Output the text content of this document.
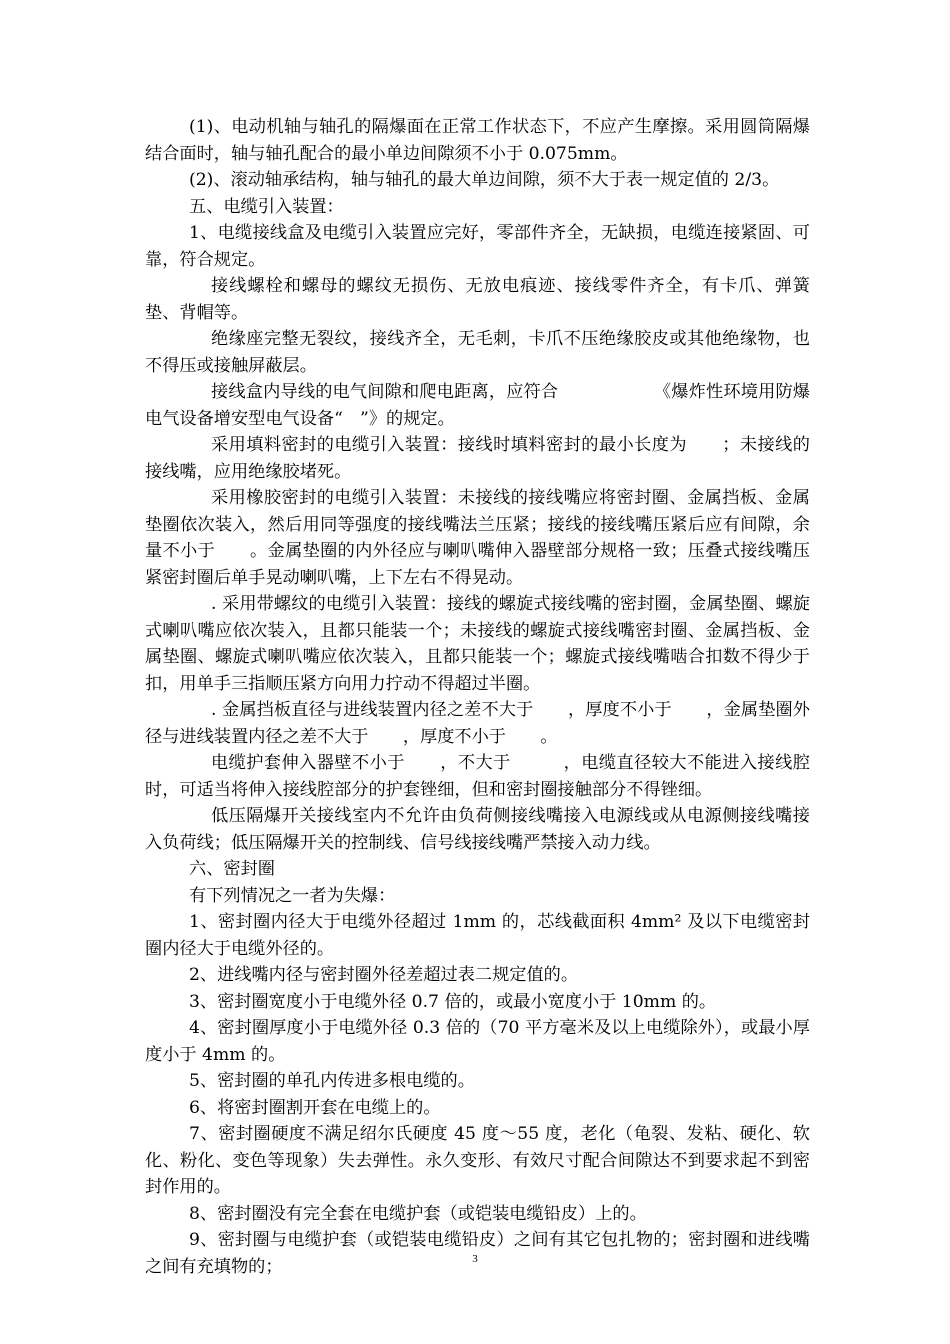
(1)、电动机轴与轴孔的隔爆面在正常工作状态下，不应产生摩擦。采用圆筒隔爆结合面时，轴与轴孔配合的最小单边间隙须不小于 0.075mm。

(2)、滚动轴承结构，轴与轴孔的最大单边间隙，须不大于表一规定值的 2/3。

五、电缆引入装置：

1、电缆接线盒及电缆引入装置应完好，零部件齐全，无缺损，电缆连接紧固、可靠，符合规定。

接线螺栓和螺母的螺纹无损伤、无放电痕迹、接线零件齐全，有卡爪、弹簧垫、背帽等。

绝缘座完整无裂纹，接线齐全，无毛刺，卡爪不压绝缘胶皮或其他绝缘物，也不得压或接触屏蔽层。

接线盒内导线的电气间隙和爬电距离，应符合　　　　　　《爆炸性环境用防爆电气设备增安型电气设备“　”》的规定。

采用填料密封的电缆引入装置：接线时填料密封的最小长度为　　；未接线的接线嘴，应用绝缘胶堵死。

采用橡胶密封的电缆引入装置：未接线的接线嘴应将密封圈、金属挡板、金属垫圈依次装入，然后用同等强度的接线嘴法兰压紧；接线的接线嘴压紧后应有间隙，余量不小于　　。金属垫圈的内外径应与喇叭嘴伸入器壁部分规格一致；压叠式接线嘴压紧密封圈后单手晃动喇叭嘴，上下左右不得晃动。

. 采用带螺纹的电缆引入装置：接线的螺旋式接线嘴的密封圈，金属垫圈、螺旋式喇叭嘴应依次装入，且都只能装一个；未接线的螺旋式接线嘴密封圈、金属挡板、金属垫圈、螺旋式喇叭嘴应依次装入，且都只能装一个；螺旋式接线嘴啮合扣数不得少于　扣，用单手三指顺压紧方向用力拧动不得超过半圈。

. 金属挡板直径与进线装置内径之差不大于　　，厚度不小于　　，金属垫圈外径与进线装置内径之差不大于　　，厚度不小于　　。

电缆护套伸入器壁不小于　　，不大于　　　，电缆直径较大不能进入接线腔时，可适当将伸入接线腔部分的护套锉细，但和密封圈接触部分不得锉细。

低压隔爆开关接线室内不允许由负荷侧接线嘴接入电源线或从电源侧接线嘴接入负荷线；低压隔爆开关的控制线、信号线接线嘴严禁接入动力线。

六、密封圈

有下列情况之一者为失爆：

1、密封圈内径大于电缆外径超过 1mm 的，芯线截面积 4mm² 及以下电缆密封圈内径大于电缆外径的。

2、进线嘴内径与密封圈外径差超过表二规定值的。

3、密封圈宽度小于电缆外径 0.7 倍的，或最小宽度小于 10mm 的。

4、密封圈厚度小于电缆外径 0.3 倍的（70 平方毫米及以上电缆除外），或最小厚度小于 4mm 的。

5、密封圈的单孔内传进多根电缆的。

6、将密封圈割开套在电缆上的。

7、密封圈硬度不满足绍尔氏硬度 45 度～55 度，老化（龟裂、发粘、硬化、软化、粉化、变色等现象）失去弹性。永久变形、有效尺寸配合间隙达不到要求起不到密封作用的。

8、密封圈没有完全套在电缆护套（或铠装电缆铅皮）上的。

9、密封圈与电缆护套（或铠装电缆铅皮）之间有其它包扎物的；密封圈和进线嘴之间有充填物的；	3
